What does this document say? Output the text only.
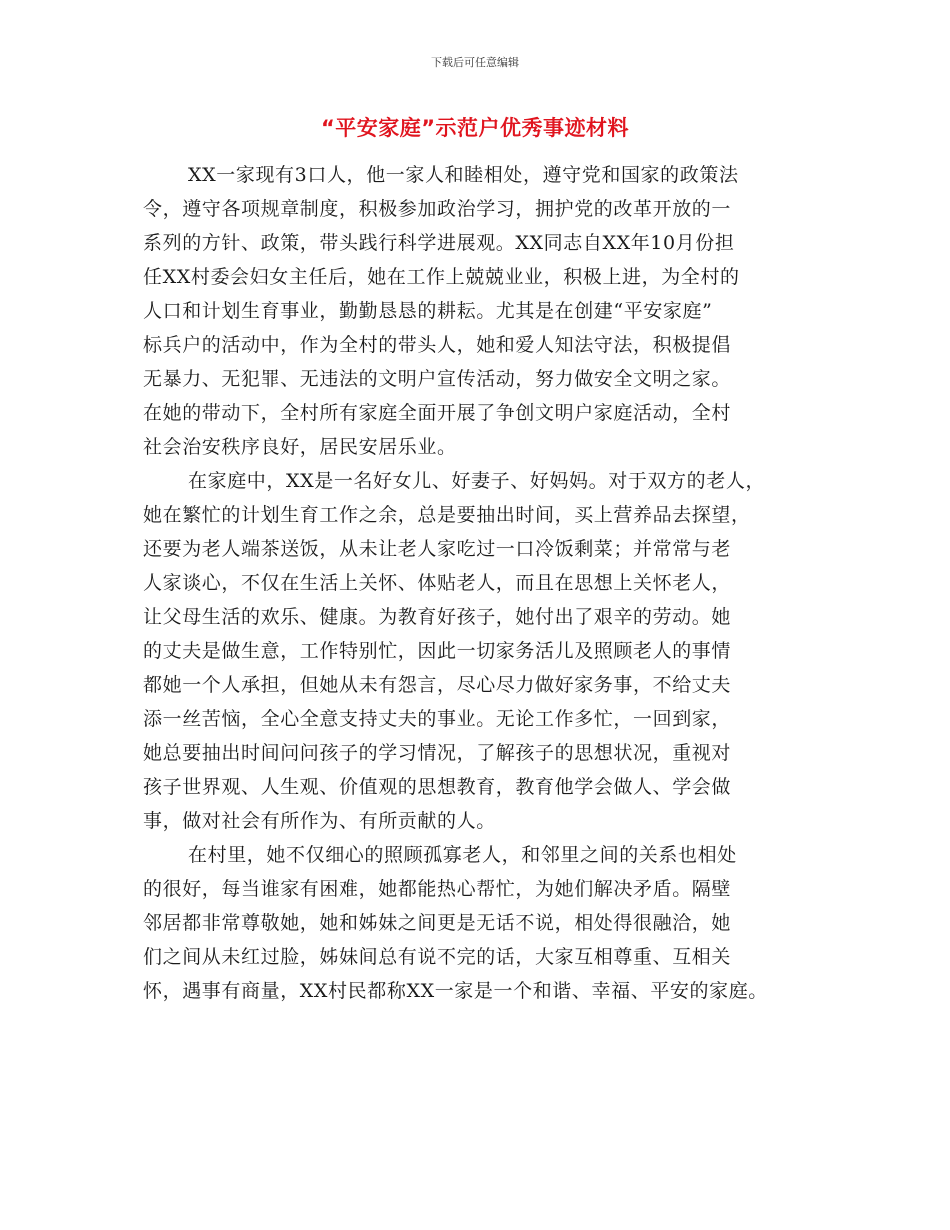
下载后可任意编辑
“平安家庭”示范户优秀事迹材料
XX一家现有3口人，他一家人和睦相处，遵守党和国家的政策法
令，遵守各项规章制度，积极参加政治学习，拥护党的改革开放的一
系列的方针、政策，带头践行科学进展观。XX同志自XX年10月份担
任XX村委会妇女主任后，她在工作上兢兢业业，积极上进，为全村的
人口和计划生育事业，勤勤恳恳的耕耘。尤其是在创建“平安家庭”
标兵户的活动中，作为全村的带头人，她和爱人知法守法，积极提倡
无暴力、无犯罪、无违法的文明户宣传活动，努力做安全文明之家。
在她的带动下，全村所有家庭全面开展了争创文明户家庭活动，全村
社会治安秩序良好，居民安居乐业。
在家庭中，XX是一名好女儿、好妻子、好妈妈。对于双方的老人，
她在繁忙的计划生育工作之余，总是要抽出时间，买上营养品去探望，
还要为老人端茶送饭，从未让老人家吃过一口冷饭剩菜；并常常与老
人家谈心，不仅在生活上关怀、体贴老人，而且在思想上关怀老人，
让父母生活的欢乐、健康。为教育好孩子，她付出了艰辛的劳动。她
的丈夫是做生意，工作特别忙，因此一切家务活儿及照顾老人的事情
都她一个人承担，但她从未有怨言，尽心尽力做好家务事，不给丈夫
添一丝苦恼，全心全意支持丈夫的事业。无论工作多忙，一回到家，
她总要抽出时间问问孩子的学习情况，了解孩子的思想状况，重视对
孩子世界观、人生观、价值观的思想教育，教育他学会做人、学会做
事，做对社会有所作为、有所贡献的人。
在村里，她不仅细心的照顾孤寡老人，和邻里之间的关系也相处
的很好，每当谁家有困难，她都能热心帮忙，为她们解决矛盾。隔壁
邻居都非常尊敬她，她和姊妹之间更是无话不说，相处得很融洽，她
们之间从未红过脸，姊妹间总有说不完的话，大家互相尊重、互相关
怀，遇事有商量，XX村民都称XX一家是一个和谐、幸福、平安的家庭。
